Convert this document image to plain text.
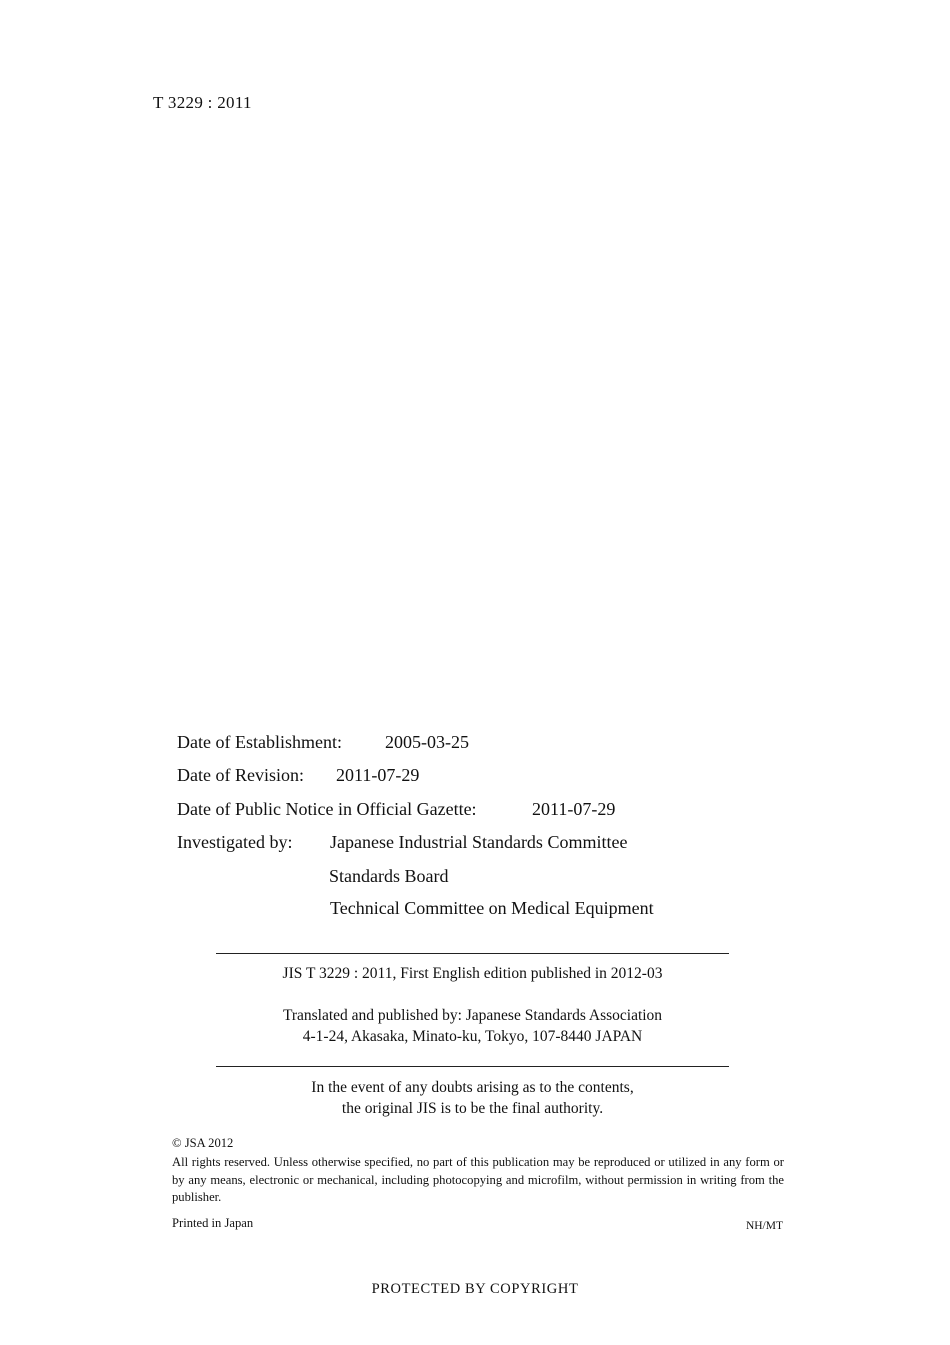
T 3229 : 2011
Date of Establishment: 2005-03-25
Date of Revision: 2011-07-29
Date of Public Notice in Official Gazette:	2011-07-29
Investigated by: Japanese Industrial Standards Committee
Standards Board
Technical Committee on Medical Equipment
JIS T 3229 : 2011, First English edition published in 2012-03
Translated and published by: Japanese Standards Association
4-1-24, Akasaka, Minato-ku, Tokyo, 107-8440 JAPAN
In the event of any doubts arising as to the contents,
the original JIS is to be the final authority.
© JSA 2012
All rights reserved. Unless otherwise specified, no part of this publication may be reproduced or utilized in any form or by any means, electronic or mechanical, including photocopying and microfilm, without permission in writing from the publisher.
Printed in Japan	NH/MT
PROTECTED BY COPYRIGHT
